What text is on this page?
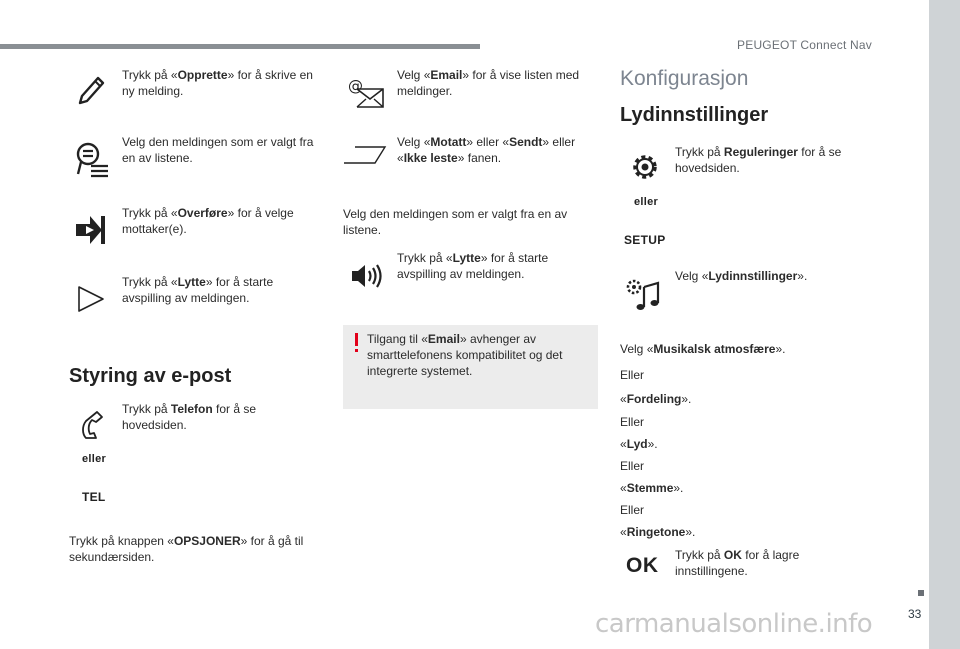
PEUGEOT Connect Nav
33
Trykk på «Opprette» for å skrive en ny melding.
Velg den meldingen som er valgt fra en av listene.
Trykk på «Overføre» for å velge mottaker(e).
Trykk på «Lytte» for å starte avspilling av meldingen.
Styring av e-post
Trykk på Telefon for å se hovedsiden.
eller
TEL
Trykk på knappen «OPSJONER» for å gå til sekundærsiden.
@
Velg «Email» for å vise listen med meldinger.
Velg «Motatt» eller «Sendt» eller «Ikke leste» fanen.
Velg den meldingen som er valgt fra en av listene.
Trykk på «Lytte» for å starte avspilling av meldingen.
Tilgang til «Email» avhenger av smarttelefonens kompatibilitet og det integrerte systemet.
Konfigurasjon
Lydinnstillinger
Trykk på Reguleringer for å se hovedsiden.
eller
SETUP
Velg «Lydinnstillinger».
Velg «Musikalsk atmosfære».
Eller
«Fordeling».
Eller
«Lyd».
Eller
«Stemme».
Eller
«Ringetone».
OK Trykk på OK for å lagre innstillingene.
carmanualsonline.info
